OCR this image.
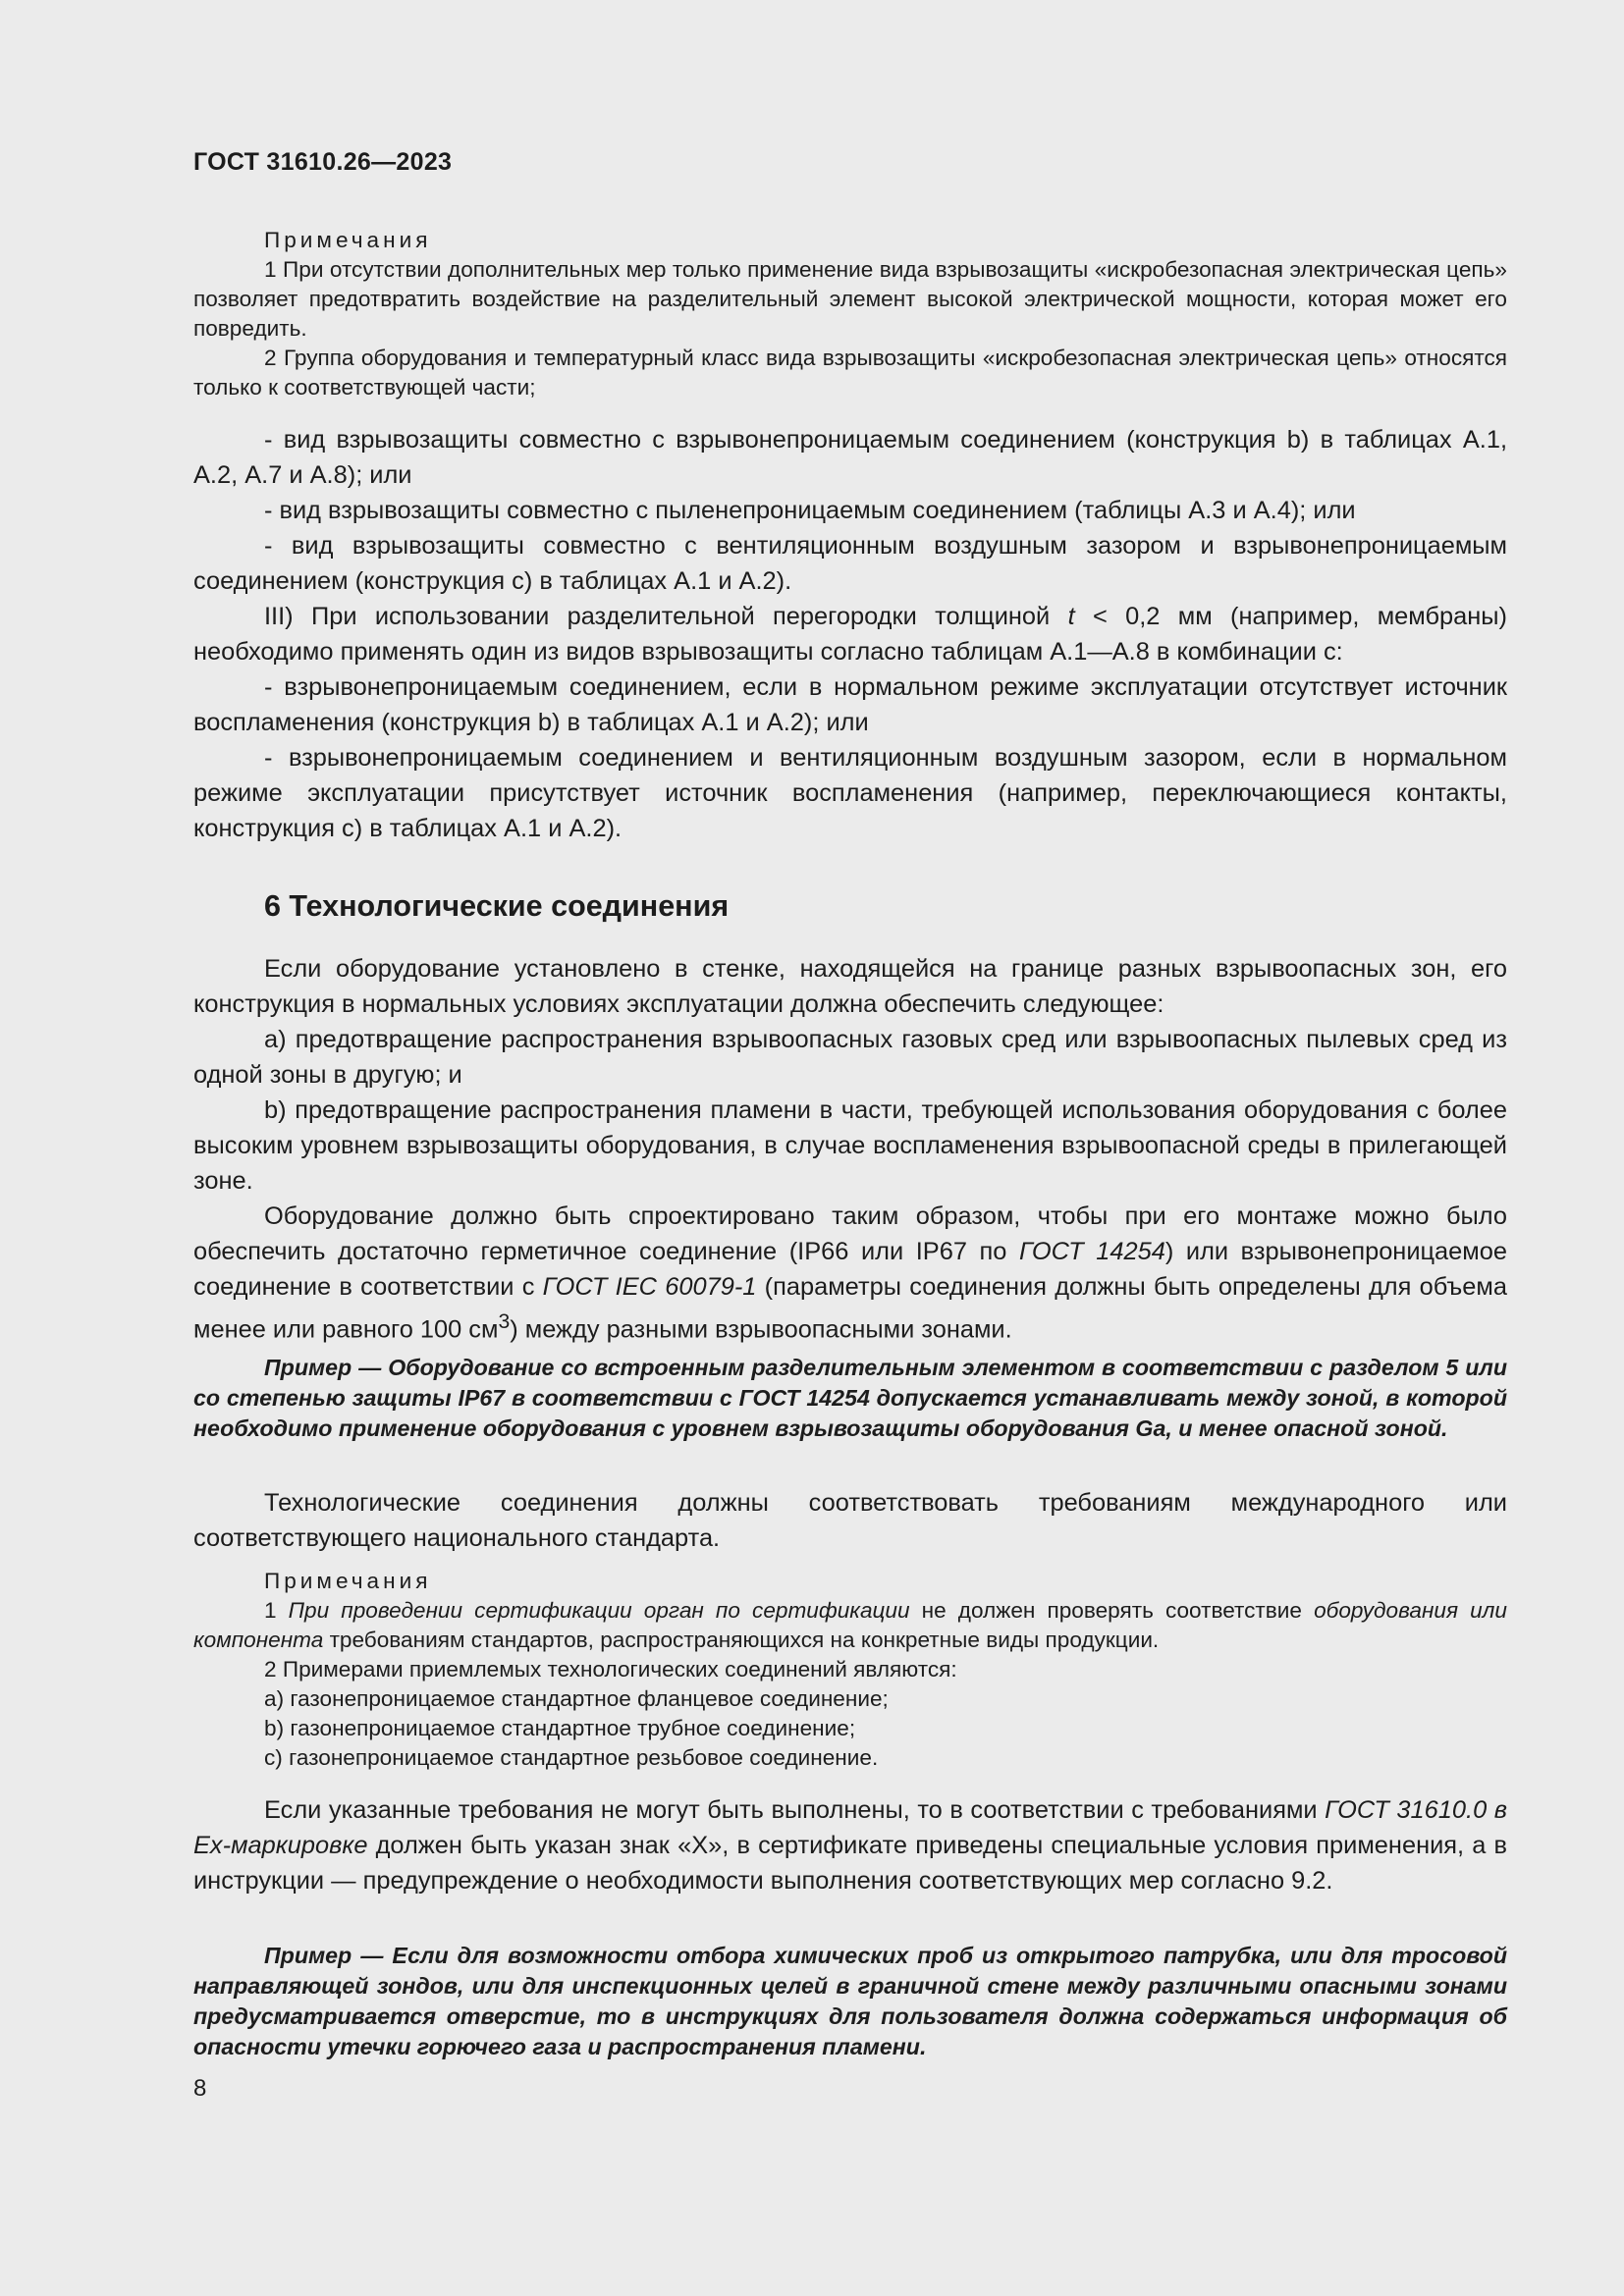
ГОСТ 31610.26—2023

Примечания

1 При отсутствии дополнительных мер только применение вида взрывозащиты «искробезопасная электрическая цепь» позволяет предотвратить воздействие на разделительный элемент высокой электрической мощности, которая может его повредить.

2 Группа оборудования и температурный класс вида взрывозащиты «искробезопасная электрическая цепь» относятся только к соответствующей части;

- вид взрывозащиты совместно с взрывонепроницаемым соединением (конструкция b) в таблицах А.1, А.2, А.7 и А.8); или

- вид взрывозащиты совместно с пыленепроницаемым соединением (таблицы А.3 и А.4); или

- вид взрывозащиты совместно с вентиляционным воздушным зазором и взрывонепроницаемым соединением (конструкция с) в таблицах А.1 и А.2).

III) При использовании разделительной перегородки толщиной t < 0,2 мм (например, мембраны) необходимо применять один из видов взрывозащиты согласно таблицам А.1—А.8 в комбинации с:

- взрывонепроницаемым соединением, если в нормальном режиме эксплуатации отсутствует источник воспламенения (конструкция b) в таблицах А.1 и А.2); или

- взрывонепроницаемым соединением и вентиляционным воздушным зазором, если в нормальном режиме эксплуатации присутствует источник воспламенения (например, переключающиеся контакты, конструкция с) в таблицах А.1 и А.2).

6 Технологические соединения

Если оборудование установлено в стенке, находящейся на границе разных взрывоопасных зон, его конструкция в нормальных условиях эксплуатации должна обеспечить следующее:

a) предотвращение распространения взрывоопасных газовых сред или взрывоопасных пылевых сред из одной зоны в другую; и

b) предотвращение распространения пламени в части, требующей использования оборудования с более высоким уровнем взрывозащиты оборудования, в случае воспламенения взрывоопасной среды в прилегающей зоне.

Оборудование должно быть спроектировано таким образом, чтобы при его монтаже можно было обеспечить достаточно герметичное соединение (IP66 или IP67 по ГОСТ 14254) или взрывонепроницаемое соединение в соответствии с ГОСТ IEC 60079-1 (параметры соединения должны быть определены для объема менее или равного 100 $см^3$) между разными взрывоопасными зонами.

Пример — Оборудование со встроенным разделительным элементом в соответствии с разделом 5 или со степенью защиты IP67 в соответствии с ГОСТ 14254 допускается устанавливать между зоной, в которой необходимо применение оборудования с уровнем взрывозащиты оборудования Ga, и менее опасной зоной.

Технологические соединения должны соответствовать требованиям международного или соответствующего национального стандарта.

Примечания

1 При проведении сертификации орган по сертификации не должен проверять соответствие оборудования или компонента требованиям стандартов, распространяющихся на конкретные виды продукции.

2 Примерами приемлемых технологических соединений являются:

a) газонепроницаемое стандартное фланцевое соединение;

b) газонепроницаемое стандартное трубное соединение;

c) газонепроницаемое стандартное резьбовое соединение.

Если указанные требования не могут быть выполнены, то в соответствии с требованиями ГОСТ 31610.0 в Ex-маркировке должен быть указан знак «Х», в сертификате приведены специальные условия применения, а в инструкции — предупреждение о необходимости выполнения соответствующих мер согласно 9.2.

Пример — Если для возможности отбора химических проб из открытого патрубка, или для тросовой направляющей зондов, или для инспекционных целей в граничной стене между различными опасными зонами предусматривается отверстие, то в инструкциях для пользователя должна содержаться информация об опасности утечки горючего газа и распространения пламени.

8
